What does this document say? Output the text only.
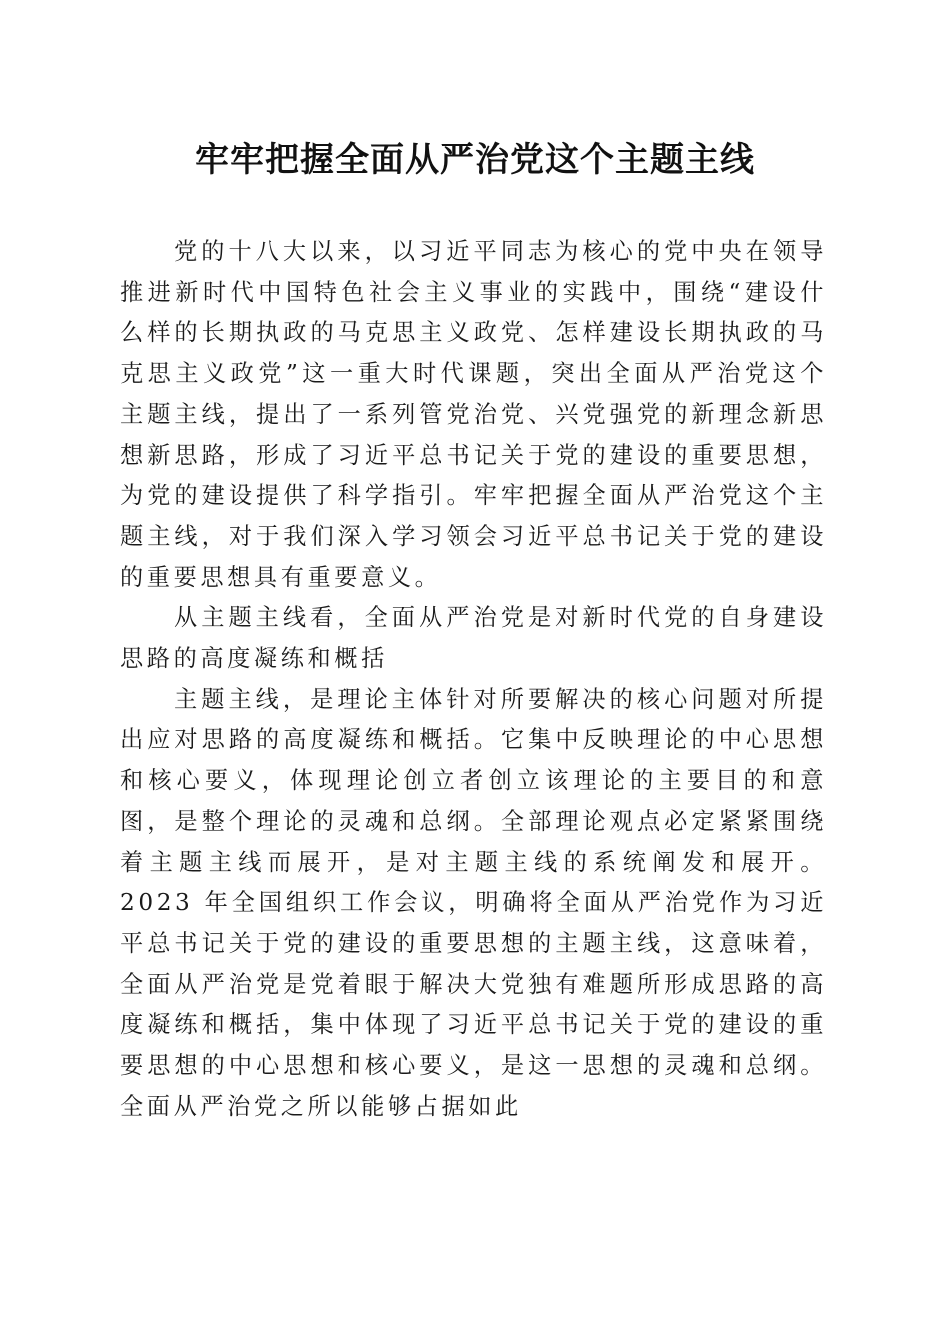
牢牢把握全面从严治党这个主题主线

党的十八大以来，以习近平同志为核心的党中央在领导推进新时代中国特色社会主义事业的实践中，围绕“建设什么样的长期执政的马克思主义政党、怎样建设长期执政的马克思主义政党”这一重大时代课题，突出全面从严治党这个主题主线，提出了一系列管党治党、兴党强党的新理念新思想新思路，形成了习近平总书记关于党的建设的重要思想，为党的建设提供了科学指引。牢牢把握全面从严治党这个主题主线，对于我们深入学习领会习近平总书记关于党的建设的重要思想具有重要意义。

从主题主线看，全面从严治党是对新时代党的自身建设思路的高度凝练和概括

主题主线，是理论主体针对所要解决的核心问题对所提出应对思路的高度凝练和概括。它集中反映理论的中心思想和核心要义，体现理论创立者创立该理论的主要目的和意图，是整个理论的灵魂和总纲。全部理论观点必定紧紧围绕着主题主线而展开，是对主题主线的系统阐发和展开。2023 年全国组织工作会议，明确将全面从严治党作为习近平总书记关于党的建设的重要思想的主题主线，这意味着，全面从严治党是党着眼于解决大党独有难题所形成思路的高度凝练和概括，集中体现了习近平总书记关于党的建设的重要思想的中心思想和核心要义，是这一思想的灵魂和总纲。全面从严治党之所以能够占据如此
